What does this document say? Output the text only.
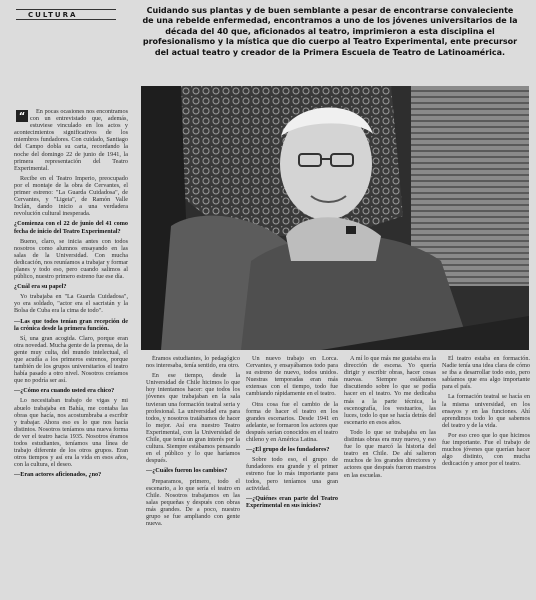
CULTURA	Cuidando sus plantas y de buen semblante a pesar de encontrarse convaleciente de una rebelde enfermedad, encontramos a uno de los jóvenes universitarios de la década del 40 que, aficionados al teatro, imprimieron a esta disciplina el profesionalismo y la mística que dio cuerpo al Teatro Experimental, ente precursor del actual teatro y creador de la Primera Escuela de Teatro de Latinoamérica.
“	En pocas ocasiones nos encontramos con un entrevistado que, además, estuviese vinculado en los actos y acontecimientos significativos de los miembros fundadores. Con cuidado, Santiago del Campo dobla su carta, recordando la noche del domingo 22 de junio de 1941, la primera representación del Teatro Experimental.

Recibe en el Teatro Imperio, preocupado por el montaje de la obra de Cervantes, el primer estreno: "La Guarda Cuidadosa", de Cervantes, y "Ligeia", de Ramón Valle Inclán, dando inicio a una verdadera revolución cultural inesperada.

¿Comienza con el 22 de junio del 41 como fecha de inicio del Teatro Experimental?

Bueno, claro, se inicia antes con todos nosotros como alumnos ensayando en las salas de la Universidad. Con mucha dedicación, nos reuníamos a trabajar y formar planes y todo eso, pero cuando salimos al público, nuestro primero estreno fue ese día.

¿Cuál era su papel?

Yo trabajaba en "La Guarda Cuidadosa", yo era soldado, "actor era el sacristán y la Bolsa de Cuba era la cima de todo".

—Las que todos tenían gran recepción de la crónica desde la primera función.

Sí, una gran acogida. Claro, porque eran otra novedad. Mucha gente de la prensa, de la gente muy culta, del mundo intelectual, el que acudía a los primeros estrenos, porque también de los grupos universitarios el teatro había pasado a otro nivel. Nosotros creíamos que no podría ser así.

—¿Cómo era cuando usted era chico?

Lo necesitaban trabajo de vigas y mi abuelo trabajaba en Bahía, me contaba las obras que hacía, nos acostumbraba a escribir y trabajar. Ahora eso es lo que nos hacía distintos. Nosotros teníamos una nueva forma de ver el teatro hacia 1935. Nosotros éramos todos estudiantes, teníamos una línea de trabajo diferente de los otros grupos. Eran otros tiempos y así era la vida en esos años, con la cultura, el deseo.

—Eran actores aficionados, ¿no?

Éramos estudiantes, lo pedagógico nos interesaba, tenía sentido, era otro.

En ese tiempo, desde la Universidad de Chile hicimos lo que hoy intentamos hacer: que todos los jóvenes que trabajaban en la sala tuvieran una formación teatral seria y profesional. La universidad era para todos, y nosotros tratábamos de hacer lo mejor. Así era nuestro Teatro Experimental, con la Universidad de Chile, que tenía un gran interés por la cultura. Siempre estábamos pensando en el público y lo que haríamos después.

—¿Cuáles fueron los cambios?

Preparamos, primero, todo el escenario, a lo que sería el teatro en Chile. Nosotros trabajamos en las salas pequeñas y después con obras más grandes. De a poco, nuestro grupo se fue ampliando con gente nueva.

Un nuevo trabajo en Lorca. Cervantes, y ensayábamos todo para su estreno de nuevo, todos unidos. Nuestras temporadas eran más extensas con el tiempo, todo fue cambiando rápidamente en el teatro.

Otra cosa fue el cambio de la forma de hacer el teatro en los grandes escenarios. Desde 1941 en adelante, se formaron los actores que después serían conocidos en el teatro chileno y en América Latina.

—¿El grupo de los fundadores?

Sobre todo eso, el grupo de fundadores era grande y el primer estreno fue lo más importante para todos, pero teníamos una gran actividad.

—¿Quiénes eran parte del Teatro Experimental en sus inicios?

A mí lo que más me gustaba era la dirección de escena. Yo quería dirigir y escribir obras, hacer cosas nuevas. Siempre estábamos discutiendo sobre lo que se podía hacer en el teatro. Yo me dedicaba más a la parte técnica, la escenografía, los vestuarios, las luces, todo lo que se hacía detrás del escenario en esos años.

Todo lo que se trabajaba en las distintas obras era muy nuevo, y eso fue lo que marcó la historia del teatro en Chile. De ahí salieron muchos de los grandes directores y actores que después fueron maestros en las escuelas.

El teatro estaba en formación. Nadie tenía una idea clara de cómo se iba a desarrollar todo esto, pero sabíamos que era algo importante para el país.

La formación teatral se hacía en la misma universidad, en los ensayos y en las funciones. Ahí aprendimos todo lo que sabemos del teatro y de la vida.

Por eso creo que lo que hicimos fue importante. Fue el trabajo de muchos jóvenes que querían hacer algo distinto, con mucha dedicación y amor por el teatro.
